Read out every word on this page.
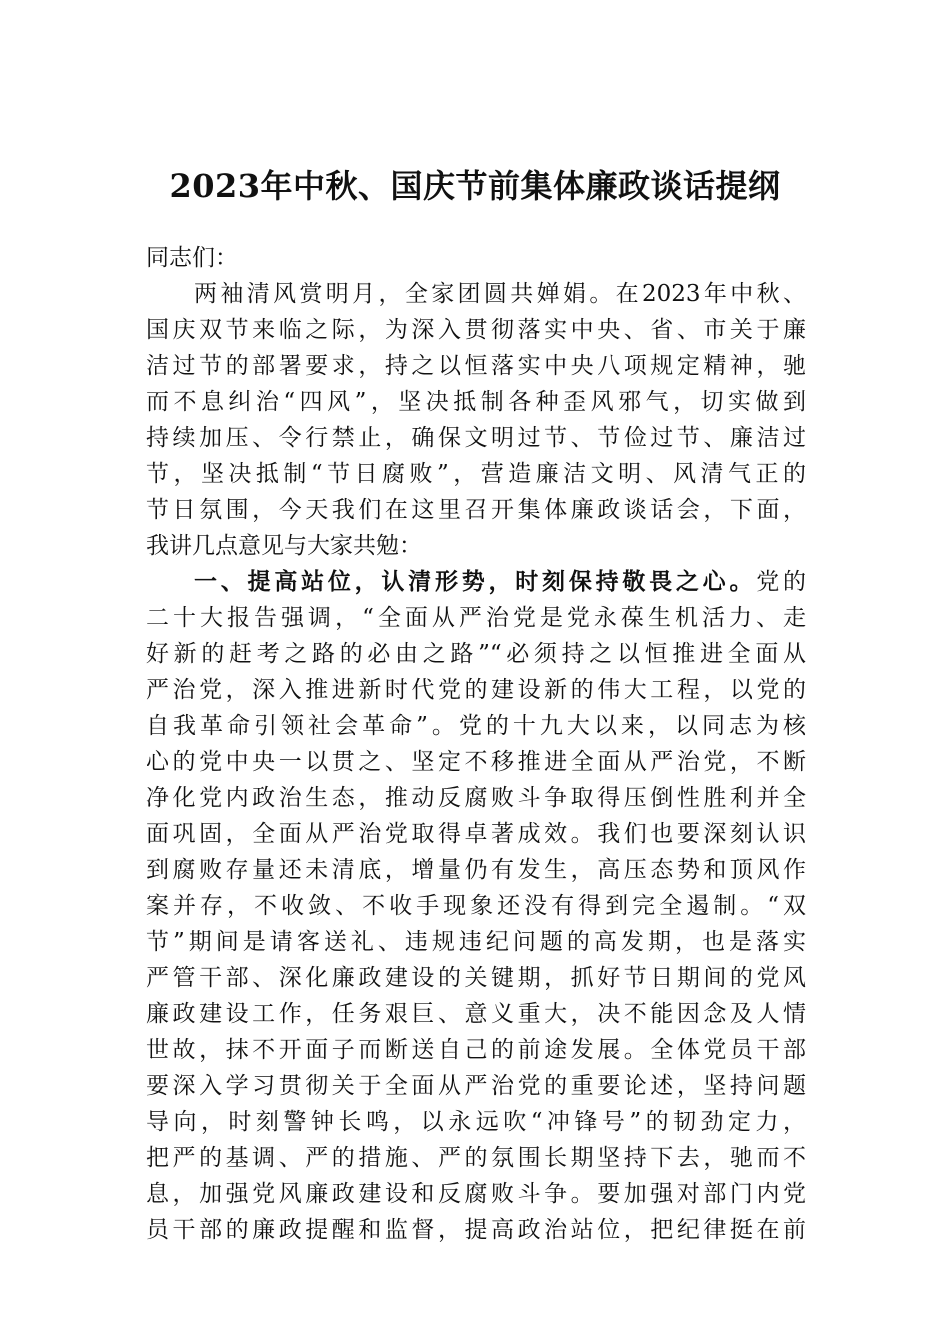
2023年中秋、国庆节前集体廉政谈话提纲
同志们：
两袖清风赏明月，全家团圆共婵娟。在2023年中秋、
国庆双节来临之际，为深入贯彻落实中央、省、市关于廉
洁过节的部署要求，持之以恒落实中央八项规定精神，驰
而不息纠治“四风”，坚决抵制各种歪风邪气，切实做到
持续加压、令行禁止，确保文明过节、节俭过节、廉洁过
节，坚决抵制“节日腐败”，营造廉洁文明、风清气正的
节日氛围，今天我们在这里召开集体廉政谈话会，下面，
我讲几点意见与大家共勉：
一、提高站位，认清形势，时刻保持敬畏之心。党的
二十大报告强调，“全面从严治党是党永葆生机活力、走
好新的赶考之路的必由之路”“必须持之以恒推进全面从
严治党，深入推进新时代党的建设新的伟大工程，以党的
自我革命引领社会革命”。党的十九大以来，以同志为核
心的党中央一以贯之、坚定不移推进全面从严治党，不断
净化党内政治生态，推动反腐败斗争取得压倒性胜利并全
面巩固，全面从严治党取得卓著成效。我们也要深刻认识
到腐败存量还未清底，增量仍有发生，高压态势和顶风作
案并存，不收敛、不收手现象还没有得到完全遏制。“双
节”期间是请客送礼、违规违纪问题的高发期，也是落实
严管干部、深化廉政建设的关键期，抓好节日期间的党风
廉政建设工作，任务艰巨、意义重大，决不能因念及人情
世故，抹不开面子而断送自己的前途发展。全体党员干部
要深入学习贯彻关于全面从严治党的重要论述，坚持问题
导向，时刻警钟长鸣，以永远吹“冲锋号”的韧劲定力，
把严的基调、严的措施、严的氛围长期坚持下去，驰而不
息，加强党风廉政建设和反腐败斗争。要加强对部门内党
员干部的廉政提醒和监督，提高政治站位，把纪律挺在前
